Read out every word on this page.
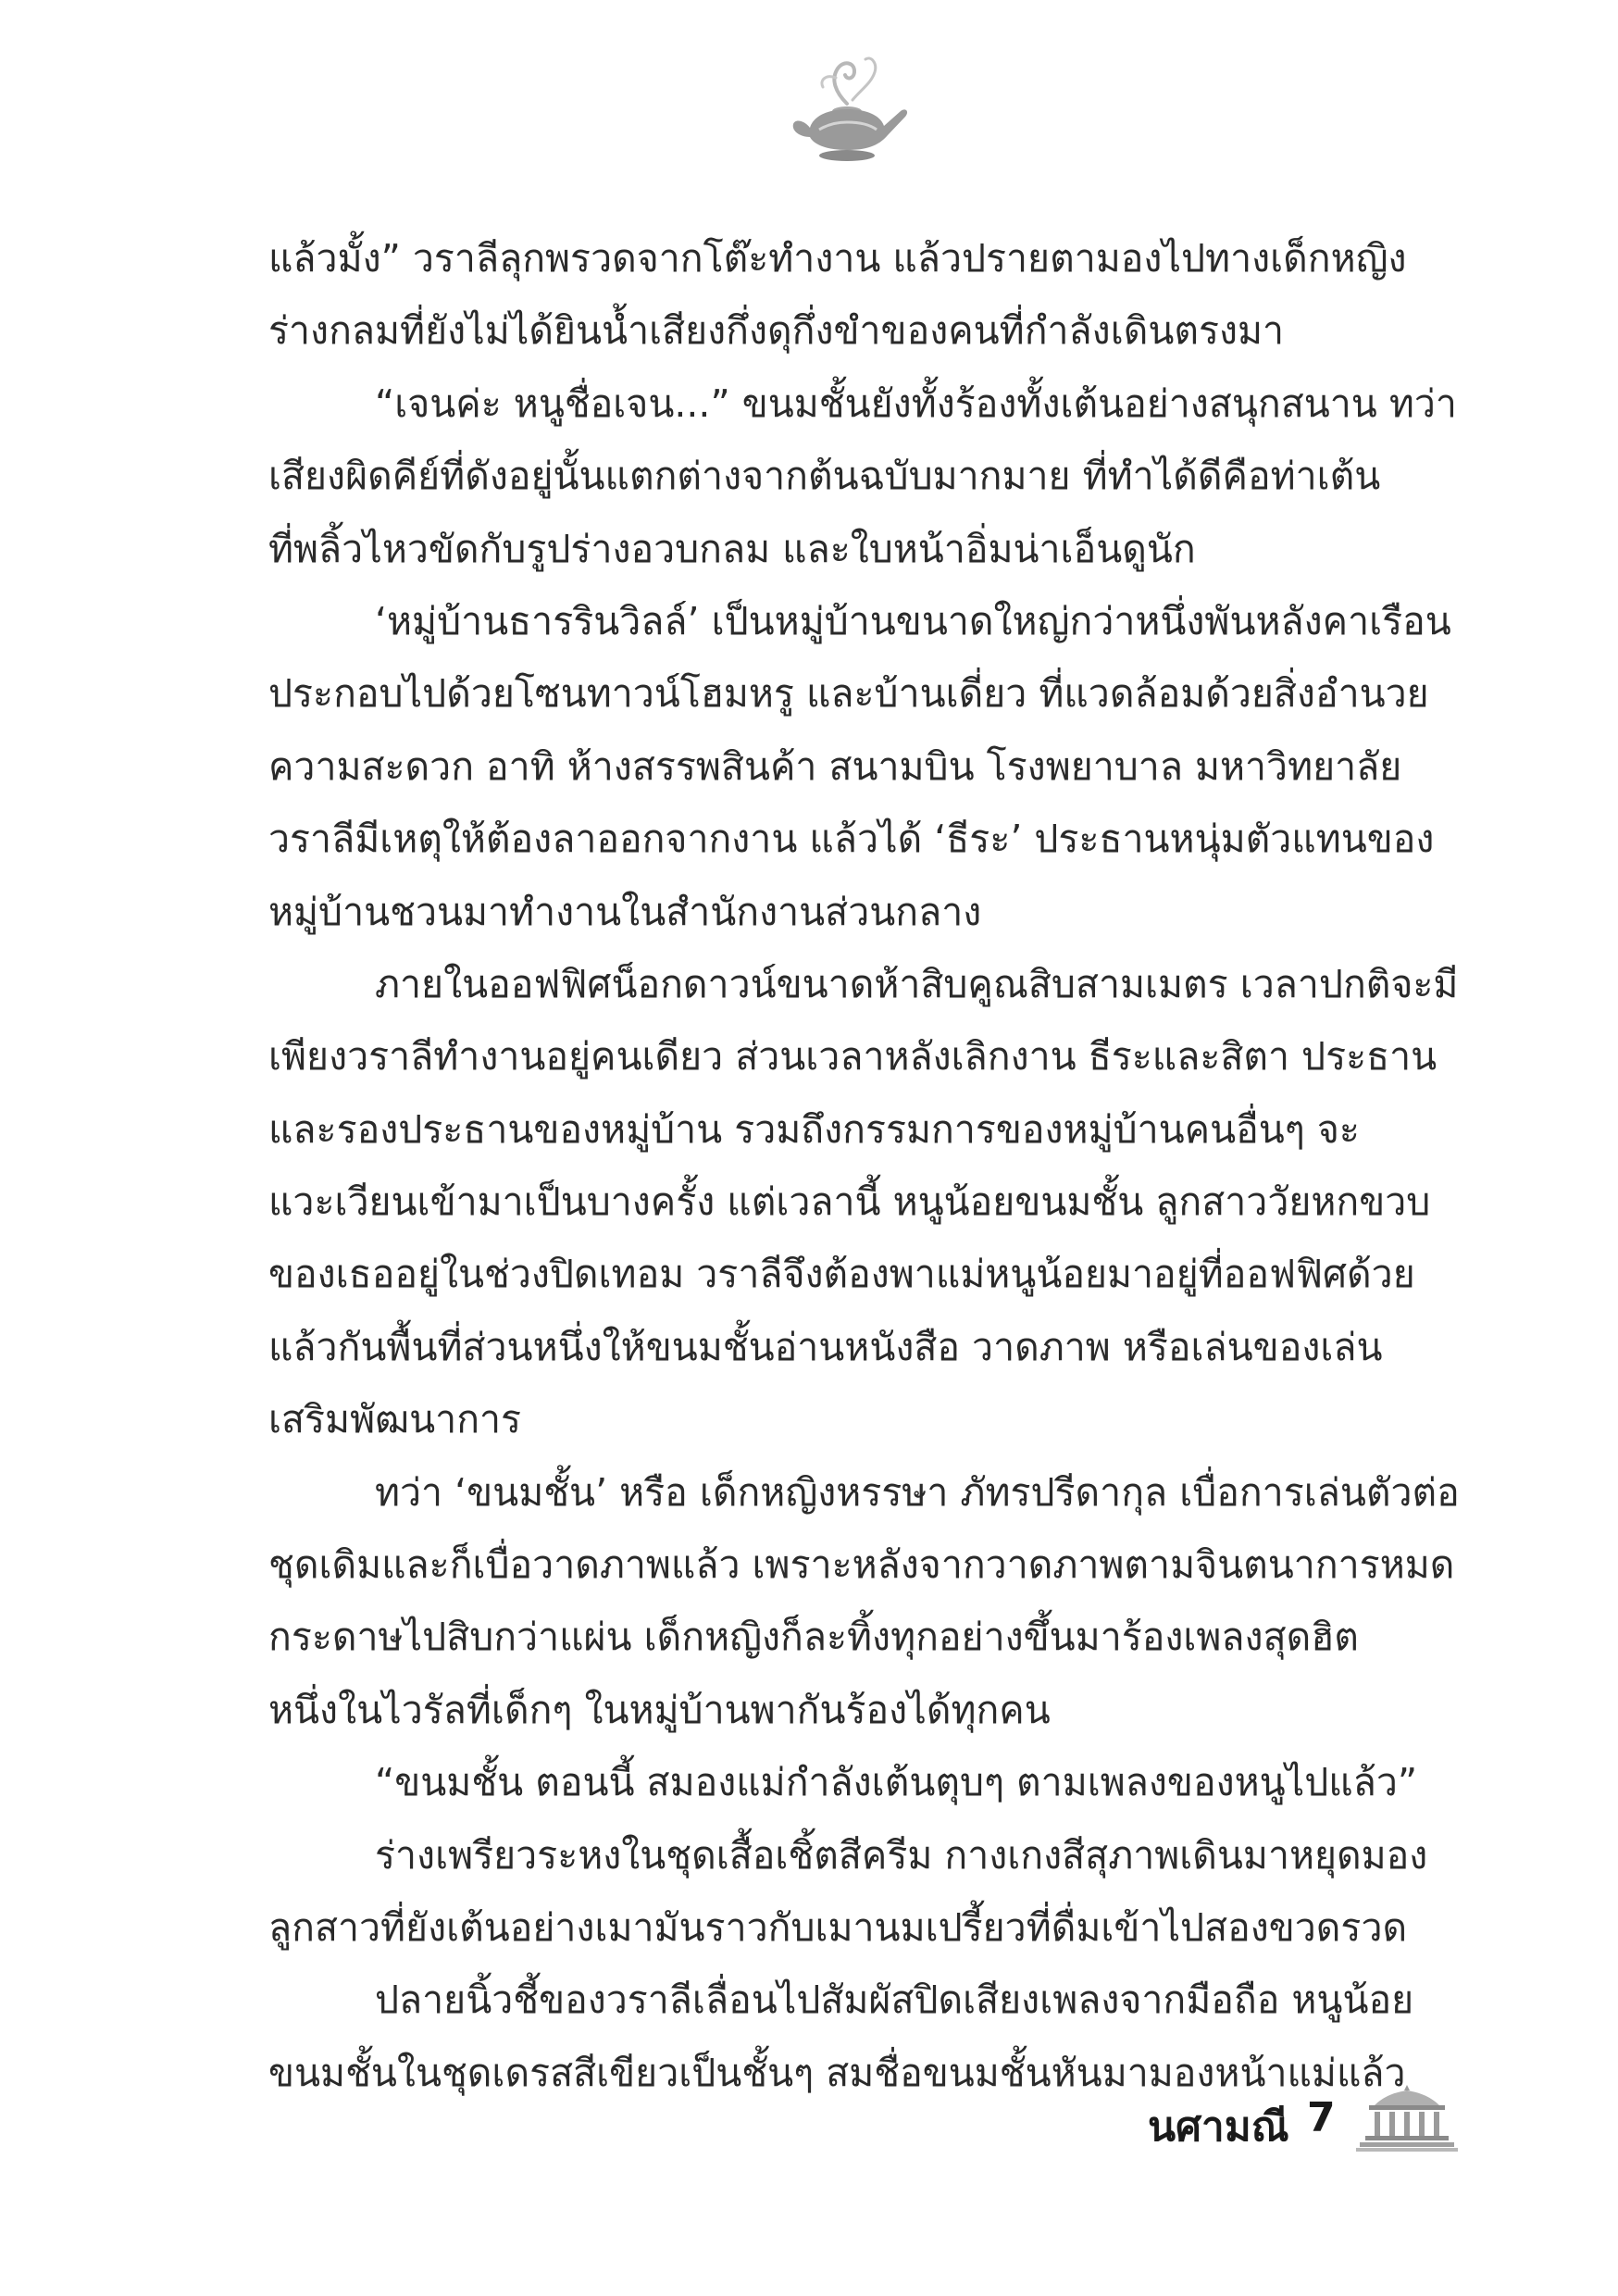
แล้วมั้ง” วราลีลุกพรวดจากโต๊ะทำงาน แล้วปรายตามองไปทางเด็กหญิง
ร่างกลมที่ยังไม่ได้ยินน้ำเสียงกึ่งดุกึ่งขำของคนที่กำลังเดินตรงมา
“เจนค่ะ หนูชื่อเจน...” ขนมชั้นยังทั้งร้องทั้งเต้นอย่างสนุกสนาน ทว่า
เสียงผิดคีย์ที่ดังอยู่นั้นแตกต่างจากต้นฉบับมากมาย ที่ทำได้ดีคือท่าเต้น
ที่พลิ้วไหวขัดกับรูปร่างอวบกลม และใบหน้าอิ่มน่าเอ็นดูนัก
‘หมู่บ้านธารรินวิลล์’ เป็นหมู่บ้านขนาดใหญ่กว่าหนึ่งพันหลังคาเรือน
ประกอบไปด้วยโซนทาวน์โฮมหรู และบ้านเดี่ยว ที่แวดล้อมด้วยสิ่งอำนวย
ความสะดวก อาทิ ห้างสรรพสินค้า สนามบิน โรงพยาบาล มหาวิทยาลัย
วราลีมีเหตุให้ต้องลาออกจากงาน แล้วได้ ‘ธีระ’ ประธานหนุ่มตัวแทนของ
หมู่บ้านชวนมาทำงานในสำนักงานส่วนกลาง
ภายในออฟฟิศน็อกดาวน์ขนาดห้าสิบคูณสิบสามเมตร เวลาปกติจะมี
เพียงวราลีทำงานอยู่คนเดียว ส่วนเวลาหลังเลิกงาน ธีระและสิตา ประธาน
และรองประธานของหมู่บ้าน รวมถึงกรรมการของหมู่บ้านคนอื่นๆ จะ
แวะเวียนเข้ามาเป็นบางครั้ง แต่เวลานี้ หนูน้อยขนมชั้น ลูกสาววัยหกขวบ
ของเธออยู่ในช่วงปิดเทอม วราลีจึงต้องพาแม่หนูน้อยมาอยู่ที่ออฟฟิศด้วย
แล้วกันพื้นที่ส่วนหนึ่งให้ขนมชั้นอ่านหนังสือ วาดภาพ หรือเล่นของเล่น
เสริมพัฒนาการ
ทว่า ‘ขนมชั้น’ หรือ เด็กหญิงหรรษา ภัทรปรีดากุล เบื่อการเล่นตัวต่อ
ชุดเดิมและก็เบื่อวาดภาพแล้ว เพราะหลังจากวาดภาพตามจินตนาการหมด
กระดาษไปสิบกว่าแผ่น เด็กหญิงก็ละทิ้งทุกอย่างขึ้นมาร้องเพลงสุดฮิต
หนึ่งในไวรัลที่เด็กๆ ในหมู่บ้านพากันร้องได้ทุกคน
“ขนมชั้น ตอนนี้ สมองแม่กำลังเต้นตุบๆ ตามเพลงของหนูไปแล้ว”
ร่างเพรียวระหงในชุดเสื้อเชิ้ตสีครีม กางเกงสีสุภาพเดินมาหยุดมอง
ลูกสาวที่ยังเต้นอย่างเมามันราวกับเมานมเปรี้ยวที่ดื่มเข้าไปสองขวดรวด
ปลายนิ้วชี้ของวราลีเลื่อนไปสัมผัสปิดเสียงเพลงจากมือถือ หนูน้อย
ขนมชั้นในชุดเดรสสีเขียวเป็นชั้นๆ สมชื่อขนมชั้นหันมามองหน้าแม่แล้ว
นศามณี 7
